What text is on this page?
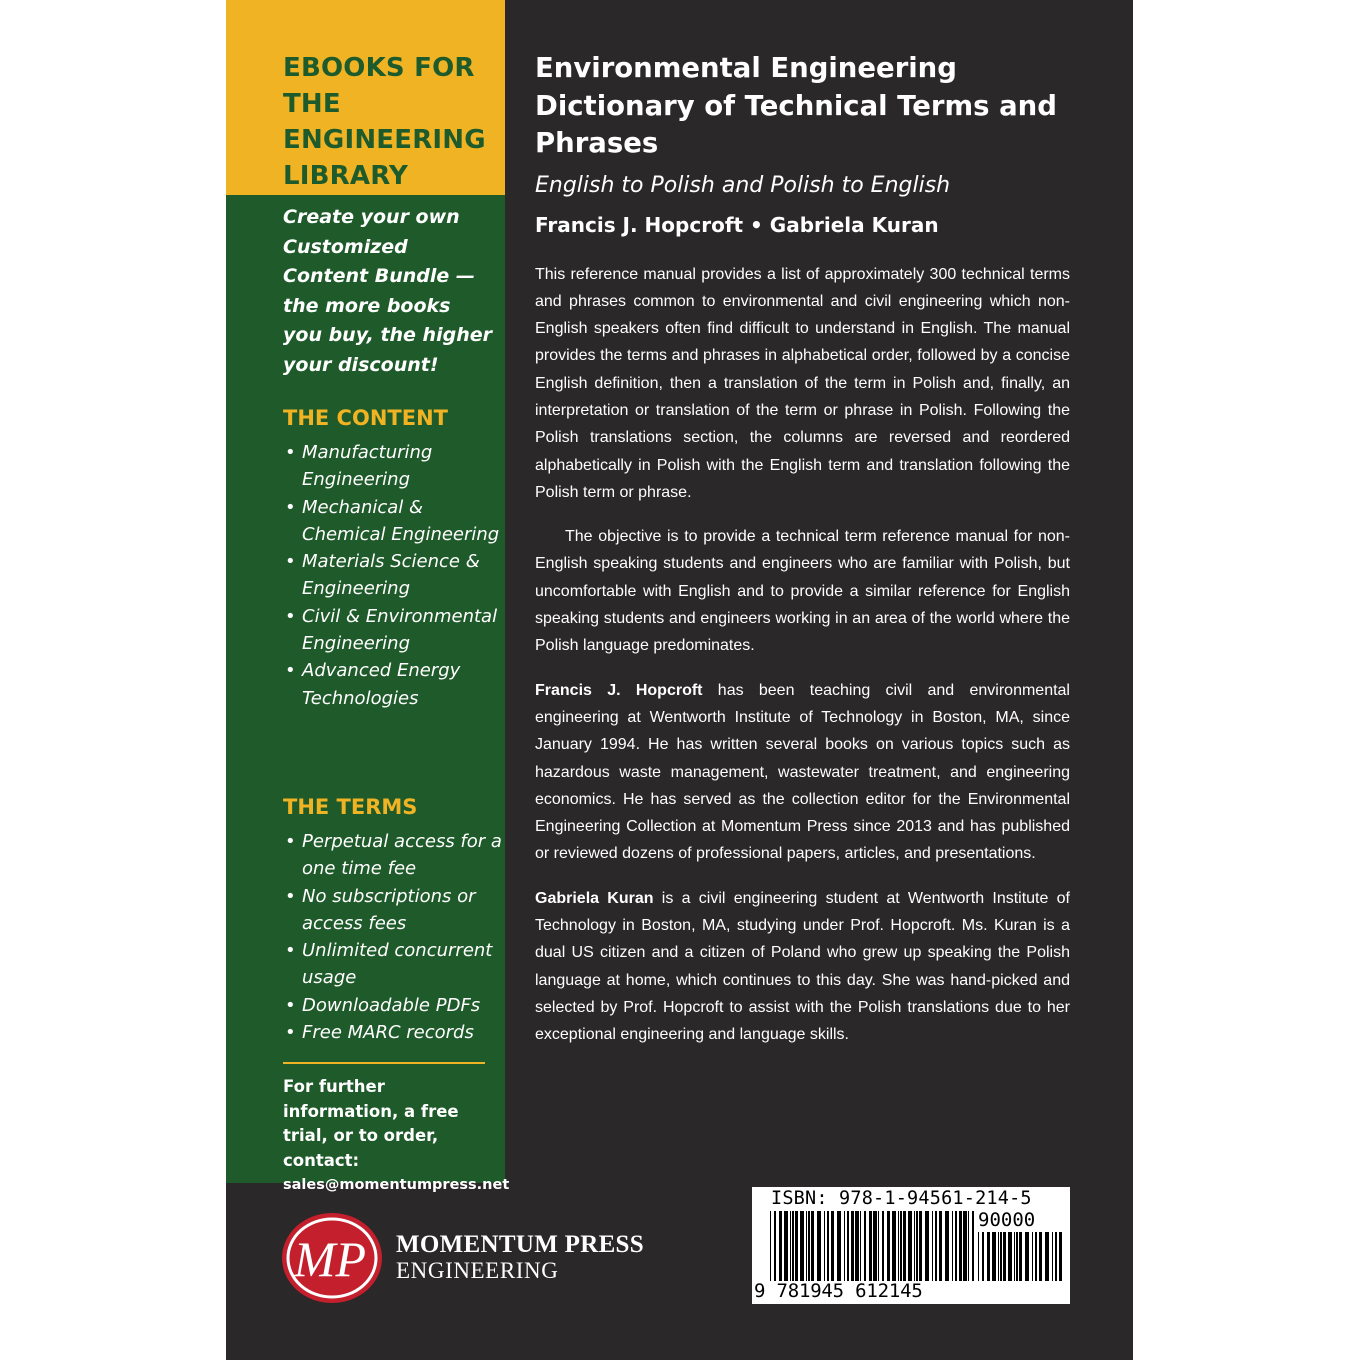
EBOOKS FOR THE ENGINEERING LIBRARY
Create your own Customized Content Bundle — the more books you buy, the higher your discount!
THE CONTENT
• Manufacturing Engineering
• Mechanical & Chemical Engineering
• Materials Science & Engineering
• Civil & Environmental Engineering
• Advanced Energy Technologies
THE TERMS
• Perpetual access for a one time fee
• No subscriptions or access fees
• Unlimited concurrent usage
• Downloadable PDFs
• Free MARC records
For further information, a free trial, or to order, contact:
sales@momentumpress.net
Environmental Engineering Dictionary of Technical Terms and Phrases
English to Polish and Polish to English
Francis J. Hopcroft • Gabriela Kuran

This reference manual provides a list of approximately 300 technical terms and phrases common to environmental and civil engineering which non-English speakers often find difficult to understand in English. The manual provides the terms and phrases in alphabetical order, followed by a concise English definition, then a translation of the term in Polish and, finally, an interpretation or translation of the term or phrase in Polish. Following the Polish translations section, the columns are reversed and reordered alphabetically in Polish with the English term and translation following the Polish term or phrase.

The objective is to provide a technical term reference manual for non-English speaking students and engineers who are familiar with Polish, but uncomfortable with English and to provide a similar reference for English speaking students and engineers working in an area of the world where the Polish language predominates.

Francis J. Hopcroft has been teaching civil and environmental engineering at Wentworth Institute of Technology in Boston, MA, since January 1994. He has written several books on various topics such as hazardous waste management, wastewater treatment, and engineering economics. He has served as the collection editor for the Environmental Engineering Collection at Momentum Press since 2013 and has published or reviewed dozens of professional papers, articles, and presentations.

Gabriela Kuran is a civil engineering student at Wentworth Institute of Technology in Boston, MA, studying under Prof. Hopcroft. Ms. Kuran is a dual US citizen and a citizen of Poland who grew up speaking the Polish language at home, which continues to this day. She was hand-picked and selected by Prof. Hopcroft to assist with the Polish translations due to her exceptional engineering and language skills.

MP MOMENTUM PRESS
ENGINEERING
ISBN: 978-1-94561-214-5
90000
9 781945 612145
